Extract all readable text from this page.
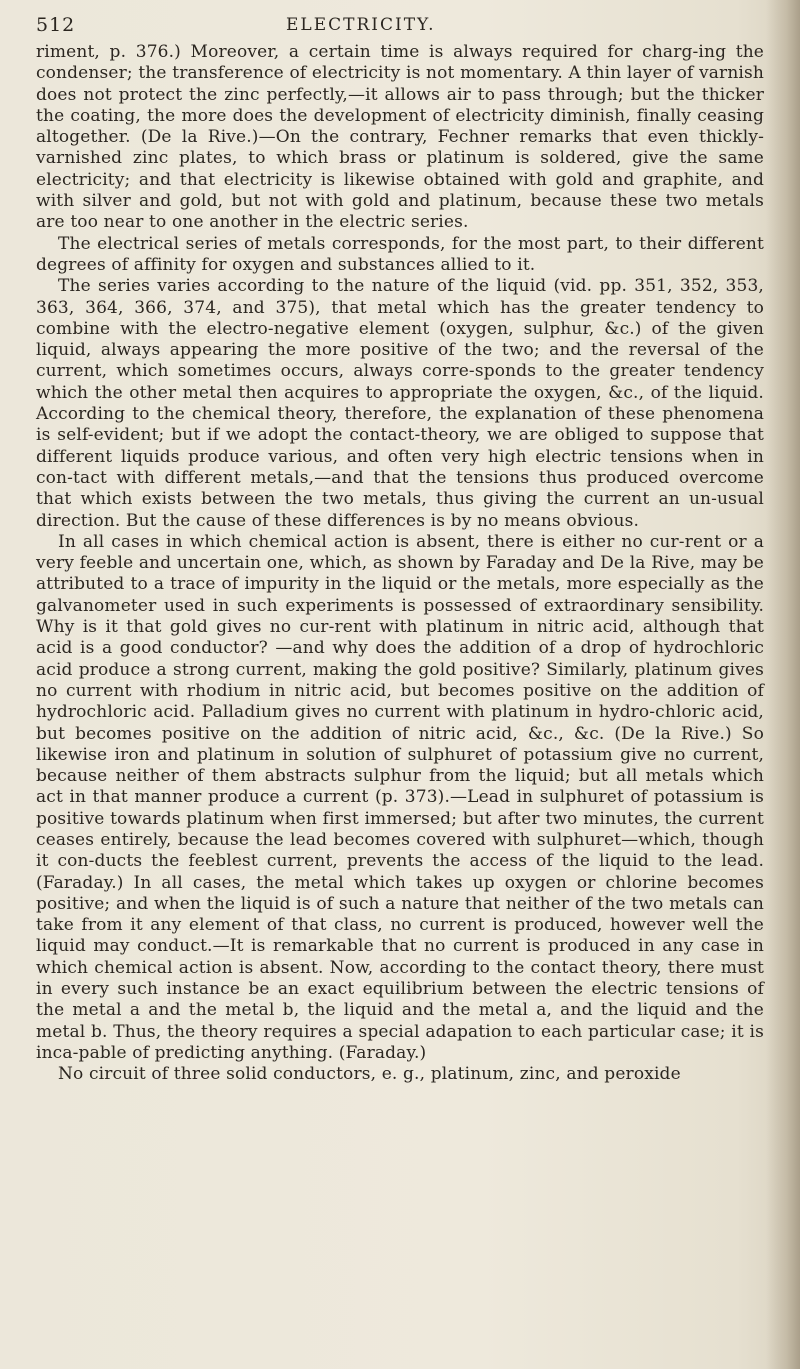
512	ELECTRICITY.

riment, p. 376.) Moreover, a certain time is always required for charg-ing the condenser; the transference of electricity is not momentary. A thin layer of varnish does not protect the zinc perfectly,—it allows air to pass through; but the thicker the coating, the more does the development of electricity diminish, finally ceasing altogether. (De la Rive.)—On the contrary, Fechner remarks that even thickly-varnished zinc plates, to which brass or platinum is soldered, give the same electricity; and that electricity is likewise obtained with gold and graphite, and with silver and gold, but not with gold and platinum, because these two metals are too near to one another in the electric series.

The electrical series of metals corresponds, for the most part, to their different degrees of affinity for oxygen and substances allied to it.

The series varies according to the nature of the liquid (vid. pp. 351, 352, 353, 363, 364, 366, 374, and 375), that metal which has the greater tendency to combine with the electro-negative element (oxygen, sulphur, &c.) of the given liquid, always appearing the more positive of the two; and the reversal of the current, which sometimes occurs, always corre-sponds to the greater tendency which the other metal then acquires to appropriate the oxygen, &c., of the liquid. According to the chemical theory, therefore, the explanation of these phenomena is self-evident; but if we adopt the contact-theory, we are obliged to suppose that different liquids produce various, and often very high electric tensions when in con-tact with different metals,—and that the tensions thus produced overcome that which exists between the two metals, thus giving the current an un-usual direction. But the cause of these differences is by no means obvious.

In all cases in which chemical action is absent, there is either no cur-rent or a very feeble and uncertain one, which, as shown by Faraday and De la Rive, may be attributed to a trace of impurity in the liquid or the metals, more especially as the galvanometer used in such experiments is possessed of extraordinary sensibility. Why is it that gold gives no cur-rent with platinum in nitric acid, although that acid is a good conductor? —and why does the addition of a drop of hydrochloric acid produce a strong current, making the gold positive? Similarly, platinum gives no current with rhodium in nitric acid, but becomes positive on the addition of hydrochloric acid. Palladium gives no current with platinum in hydro-chloric acid, but becomes positive on the addition of nitric acid, &c., &c. (De la Rive.) So likewise iron and platinum in solution of sulphuret of potassium give no current, because neither of them abstracts sulphur from the liquid; but all metals which act in that manner produce a current (p. 373).—Lead in sulphuret of potassium is positive towards platinum when first immersed; but after two minutes, the current ceases entirely, because the lead becomes covered with sulphuret—which, though it con-ducts the feeblest current, prevents the access of the liquid to the lead. (Faraday.) In all cases, the metal which takes up oxygen or chlorine becomes positive; and when the liquid is of such a nature that neither of the two metals can take from it any element of that class, no current is produced, however well the liquid may conduct.—It is remarkable that no current is produced in any case in which chemical action is absent. Now, according to the contact theory, there must in every such instance be an exact equilibrium between the electric tensions of the metal a and the metal b, the liquid and the metal a, and the liquid and the metal b. Thus, the theory requires a special adapation to each particular case; it is inca-pable of predicting anything. (Faraday.)

No circuit of three solid conductors, e. g., platinum, zinc, and peroxide
